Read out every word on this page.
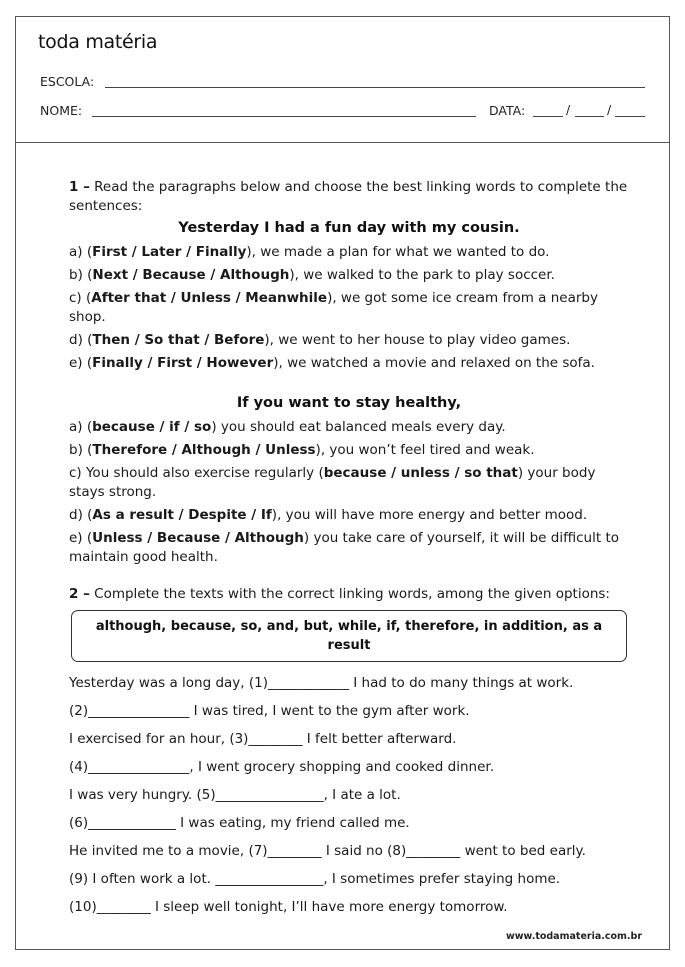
toda matéria
ESCOLA:
NOME:	DATA:	/	/

1 – Read the paragraphs below and choose the best linking words to complete the sentences:

Yesterday I had a fun day with my cousin.

a) (First / Later / Finally), we made a plan for what we wanted to do.

b) (Next / Because / Although), we walked to the park to play soccer.

c) (After that / Unless / Meanwhile), we got some ice cream from a nearby shop.

d) (Then / So that / Before), we went to her house to play video games.

e) (Finally / First / However), we watched a movie and relaxed on the sofa.

If you want to stay healthy,

a) (because / if / so) you should eat balanced meals every day.

b) (Therefore / Although / Unless), you won’t feel tired and weak.

c) You should also exercise regularly (because / unless / so that) your body stays strong.

d) (As a result / Despite / If), you will have more energy and better mood.

e) (Unless / Because / Although) you take care of yourself, it will be difficult to maintain good health.

2 – Complete the texts with the correct linking words, among the given options:

although, because, so, and, but, while, if, therefore, in addition, as a result

Yesterday was a long day, (1)____________ I had to do many things at work.

(2)_______________ I was tired, I went to the gym after work.

I exercised for an hour, (3)________ I felt better afterward.

(4)_______________, I went grocery shopping and cooked dinner.

I was very hungry. (5)________________, I ate a lot.

(6)_____________ I was eating, my friend called me.

He invited me to a movie, (7)________ I said no (8)________ went to bed early.

(9) I often work a lot. ________________, I sometimes prefer staying home.

(10)________ I sleep well tonight, I’ll have more energy tomorrow.

www.todamateria.com.br
